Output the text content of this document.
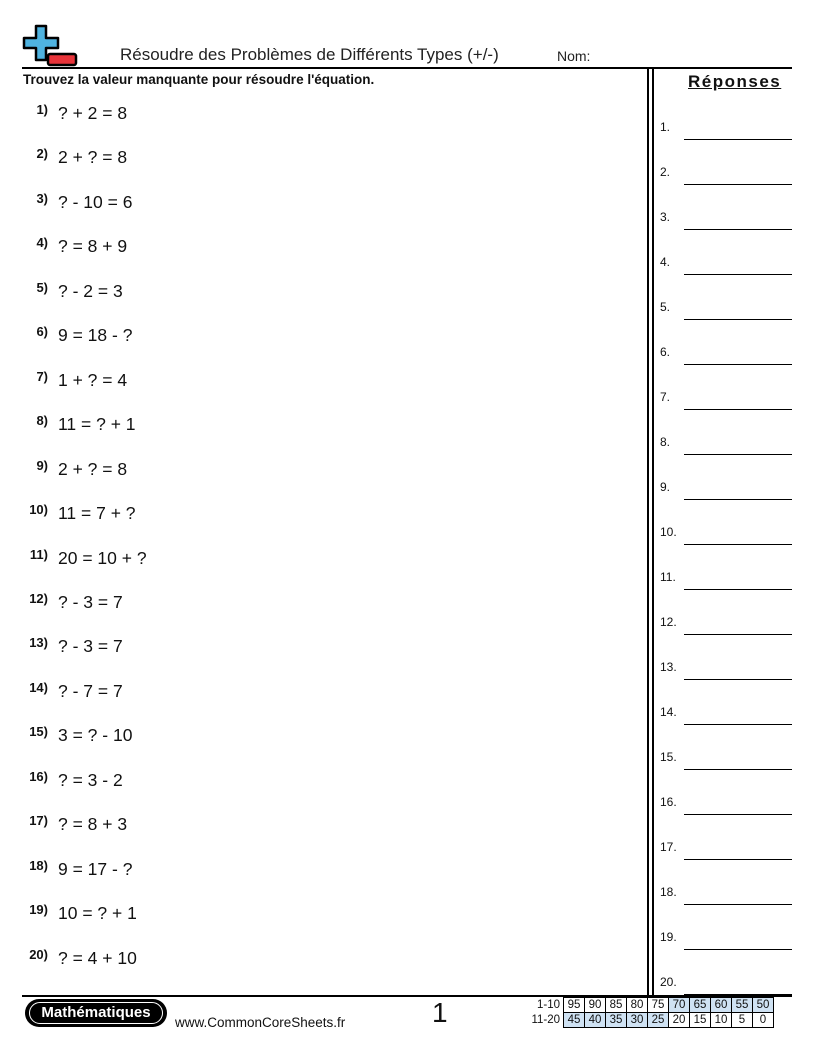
Résoudre des Problèmes de Différents Types (+/-)	Nom:
Trouvez la valeur manquante pour résoudre l'équation.	Réponses
1) ? + 2 = 8
2) 2 + ? = 8
3) ? - 10 = 6
4) ? = 8 + 9
5) ? - 2 = 3
6) 9 = 18 - ?
7) 1 + ? = 4
8) 11 = ? + 1
9) 2 + ? = 8
10) 11 = 7 + ?
11) 20 = 10 + ?
12) ? - 3 = 7
13) ? - 3 = 7
14) ? - 7 = 7
15) 3 = ? - 10
16) ? = 3 - 2
17) ? = 8 + 3
18) 9 = 17 - ?
19) 10 = ? + 1
20) ? = 4 + 10
1.
2.
3.
4.
5.
6.
7.
8.
9.
10.
11.
12.
13.
14.
15.
16.
17.
18.
19.
20.
Mathématiques
www.CommonCoreSheets.fr	1	1-10	95	90	85	80	75	70	65	60	55	50
11-20	45	40	35	30	25	20	15	10	5	0
